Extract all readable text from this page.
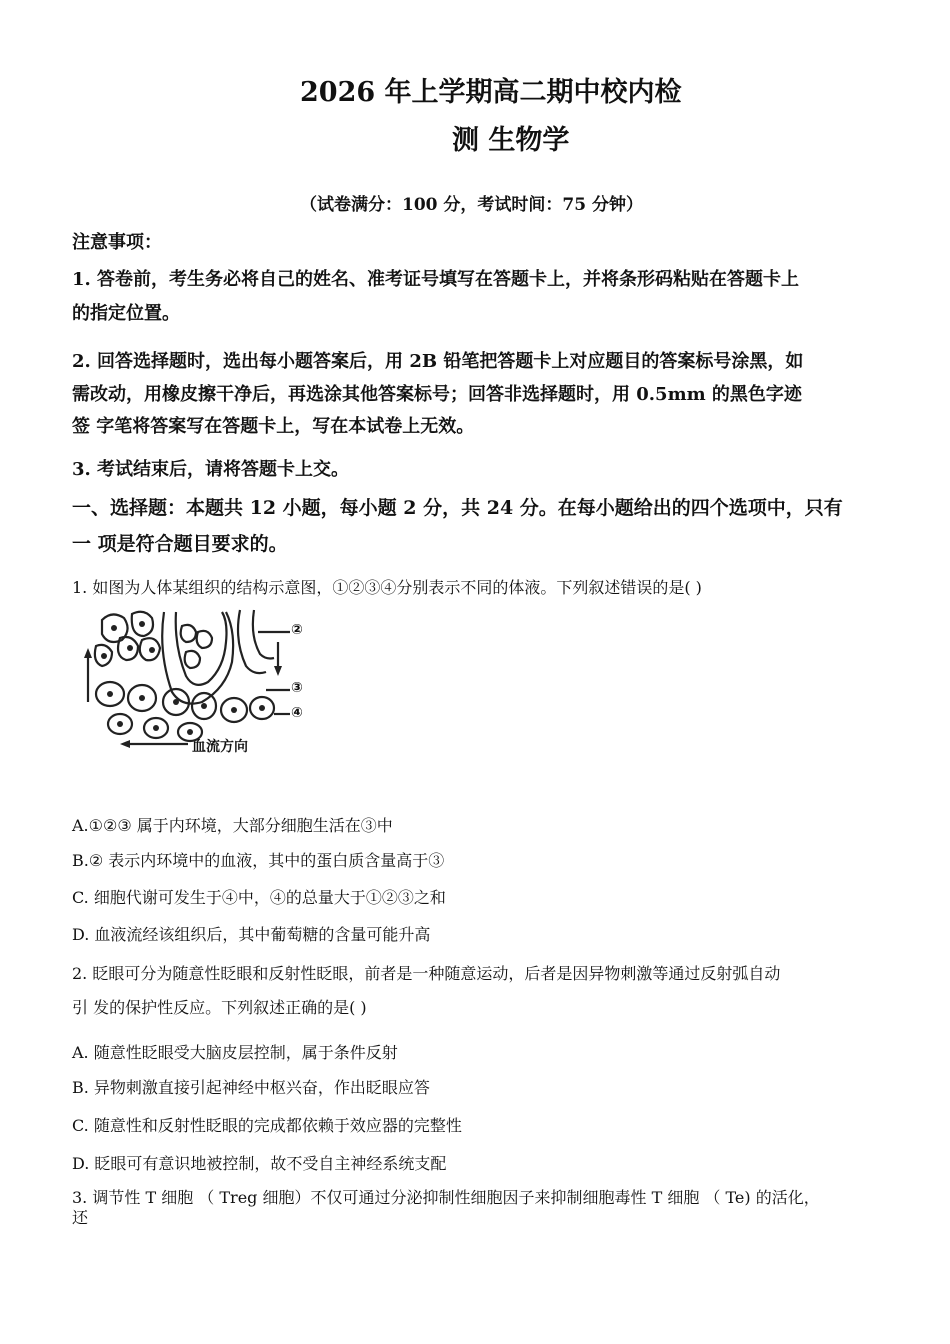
2026 年上学期高二期中校内检
测 生物学
（试卷满分：100 分，考试时间：75 分钟）
注意事项：
1. 答卷前，考生务必将自己的姓名、准考证号填写在答题卡上，并将条形码粘贴在答题卡上
的指定位置。
2. 回答选择题时，选出每小题答案后，用 2B 铅笔把答题卡上对应题目的答案标号涂黑，如
需改动，用橡皮擦干净后，再选涂其他答案标号；回答非选择题时，用 0.5mm 的黑色字迹
签 字笔将答案写在答题卡上，写在本试卷上无效。
3. 考试结束后，请将答题卡上交。
一、选择题：本题共 12 小题，每小题 2 分，共 24 分。在每小题给出的四个选项中，只有
一 项是符合题目要求的。
1. 如图为人体某组织的结构示意图，①②③④分别表示不同的体液。下列叙述错误的是( )
②
③
④
血流方向
A.①②③ 属于内环境，大部分细胞生活在③中
B.② 表示内环境中的血液，其中的蛋白质含量高于③
C. 细胞代谢可发生于④中，④的总量大于①②③之和
D. 血液流经该组织后，其中葡萄糖的含量可能升高
2. 眨眼可分为随意性眨眼和反射性眨眼，前者是一种随意运动，后者是因异物刺激等通过反射弧自动
引 发的保护性反应。下列叙述正确的是( )
A. 随意性眨眼受大脑皮层控制，属于条件反射
B. 异物刺激直接引起神经中枢兴奋，作出眨眼应答
C. 随意性和反射性眨眼的完成都依赖于效应器的完整性
D. 眨眼可有意识地被控制，故不受自主神经系统支配
3. 调节性 T 细胞 （ Treg 细胞）不仅可通过分泌抑制性细胞因子来抑制细胞毒性 T 细胞 （ Te) 的活化，
还
